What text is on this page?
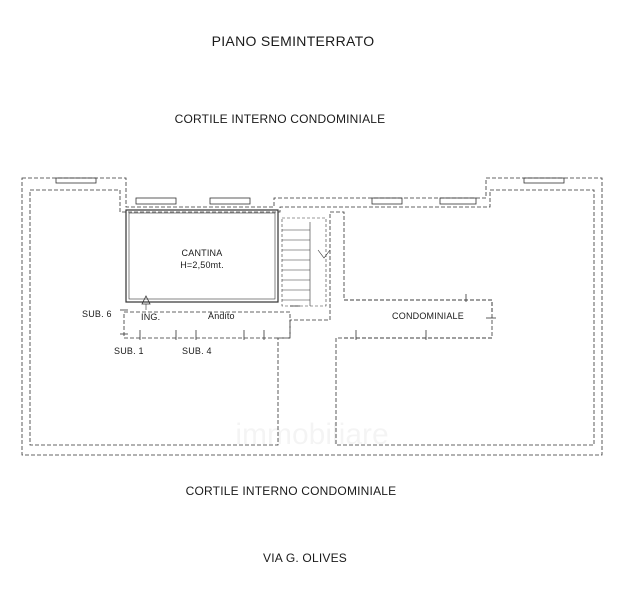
PIANO SEMINTERRATO
CORTILE INTERNO CONDOMINIALE
CANTINA
H=2,50mt.
SUB. 6	ING.	Andito	CONDOMINIALE
SUB. 1	SUB. 4
CORTILE INTERNO CONDOMINIALE
VIA G. OLIVES
